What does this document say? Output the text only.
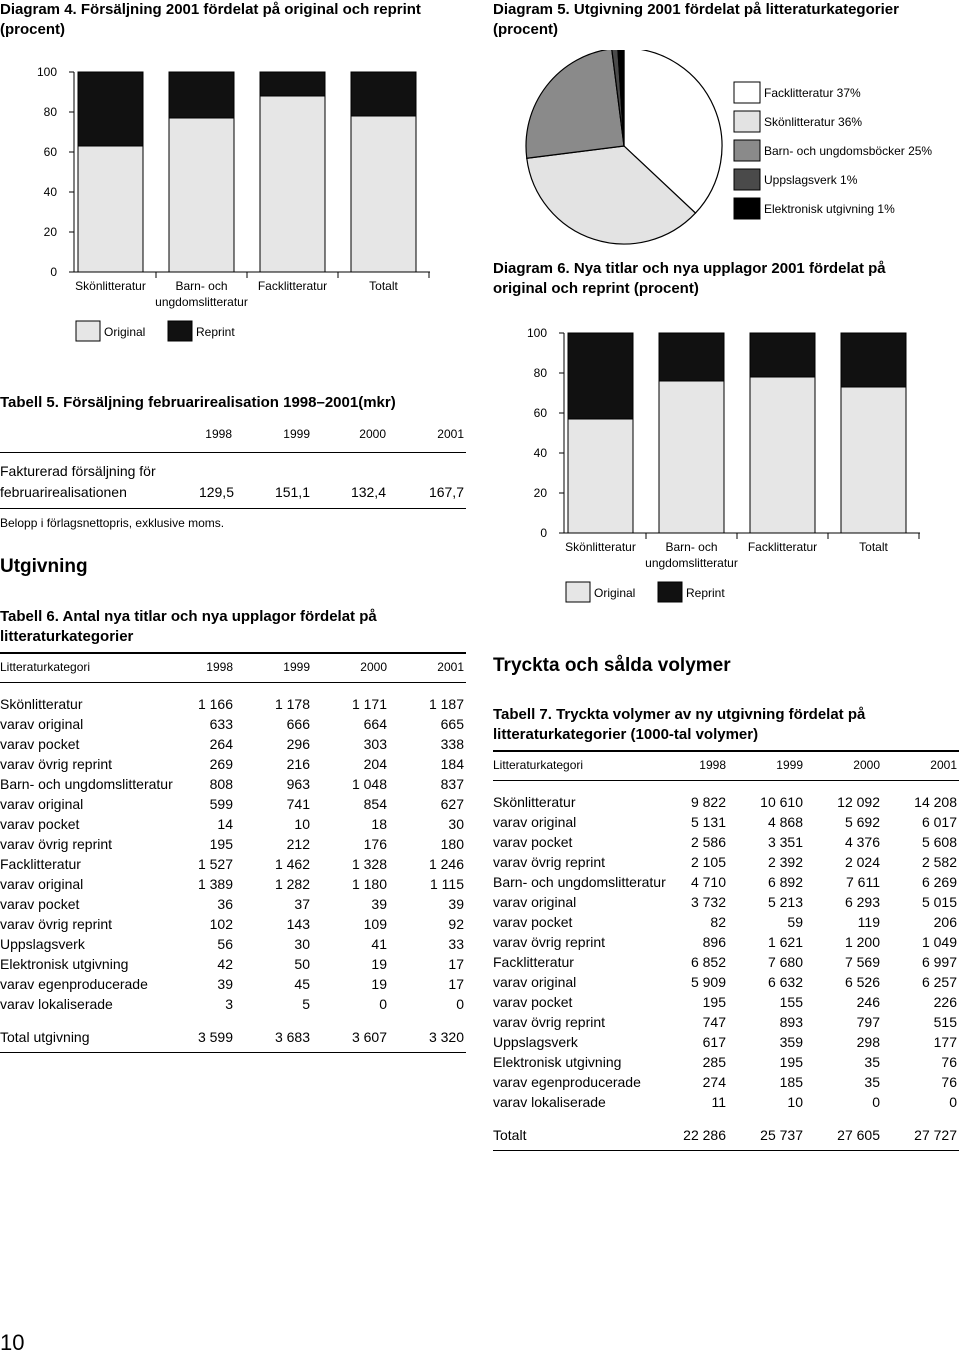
Diagram 4. Försäljning 2001 fördelat på original och reprint (procent)
0
20
40
60
80
100
Skönlitteratur	Barn- och ungdomslitteratur
Facklitteratur	Totalt
Original	Reprint
Diagram 5. Utgivning 2001 fördelat på litteraturkategorier (procent)
Facklitteratur 37%
Skönlitteratur 36%
Barn- och ungdomsböcker 25%
Uppslagsverk 1%
Elektronisk utgivning 1%
Diagram 6. Nya titlar och nya upplagor 2001 fördelat på original och reprint (procent)
0
20
40
60
80
100
Skönlitteratur	Barn- och ungdomslitteratur
Facklitteratur	Totalt
Original	Reprint
Tabell 5. Försäljning februarirealisation 1998–2001(mkr)
1998	1999	2000	2001
Fakturerad försäljning för
februarirealisationen	129,5	151,1	132,4	167,7
Belopp i förlagsnettopris, exklusive moms.
Utgivning
Tabell 6. Antal nya titlar och nya upplagor fördelat på
litteraturkategorier
Litteraturkategori	1998	1999	2000	2001
Skönlitteratur	1 166	1 178	1 171	1 187
varav original	633	666	664	665
varav pocket	264	296	303	338
varav övrig reprint	269	216	204	184
Barn- och ungdomslitteratur	808	963	1 048	837
varav original	599	741	854	627
varav pocket	14	10	18	30
varav övrig reprint	195	212	176	180
Facklitteratur	1 527	1 462	1 328	1 246
varav original	1 389	1 282	1 180	1 115
varav pocket	36	37	39	39
varav övrig reprint	102	143	109	92
Uppslagsverk	56	30	41	33
Elektronisk utgivning	42	50	19	17
varav egenproducerade	39	45	19	17
varav lokaliserade	3	5	0	0
Total utgivning	3 599	3 683	3 607	3 320
Tryckta och sålda volymer
Tabell 7. Tryckta volymer av ny utgivning fördelat på
litteraturkategorier (1000-tal volymer)
Litteraturkategori	1998	1999	2000	2001
Skönlitteratur	9 822	10 610	12 092	14 208
varav original	5 131	4 868	5 692	6 017
varav pocket	2 586	3 351	4 376	5 608
varav övrig reprint	2 105	2 392	2 024	2 582
Barn- och ungdomslitteratur	4 710	6 892	7 611	6 269
varav original	3 732	5 213	6 293	5 015
varav pocket	82	59	119	206
varav övrig reprint	896	1 621	1 200	1 049
Facklitteratur	6 852	7 680	7 569	6 997
varav original	5 909	6 632	6 526	6 257
varav pocket	195	155	246	226
varav övrig reprint	747	893	797	515
Uppslagsverk	617	359	298	177
Elektronisk utgivning	285	195	35	76
varav egenproducerade	274	185	35	76
varav lokaliserade	11	10	0	0
Totalt	22 286	25 737	27 605	27 727
10
